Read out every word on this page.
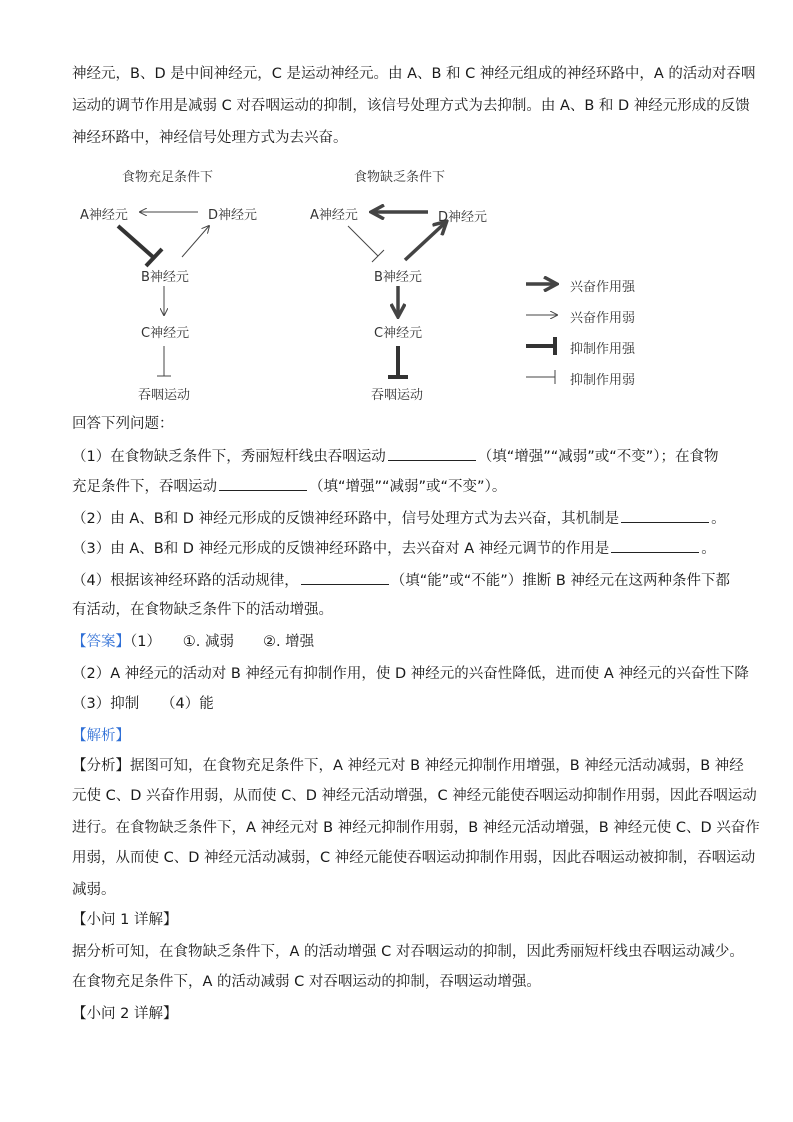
神经元，B、D 是中间神经元，C 是运动神经元。由 A、B 和 C 神经元组成的神经环路中，A 的活动对吞咽
运动的调节作用是减弱 C 对吞咽运动的抑制，该信号处理方式为去抑制。由 A、B 和 D 神经元形成的反馈
神经环路中，神经信号处理方式为去兴奋。
食物充足条件下	食物缺乏条件下
A神经元	D神经元
B神经元
C神经元
吞咽运动
A神经元	D神经元
B神经元
C神经元
吞咽运动
兴奋作用强
兴奋作用弱
抑制作用强
抑制作用弱
回答下列问题：
（1）在食物缺乏条件下，秀丽短杆线虫吞咽运动	（填“增强”“减弱”或“不变”）；在食物
充足条件下，吞咽运动	（填“增强”“减弱”或“不变”）。
（2）由 A、B和 D 神经元形成的反馈神经环路中，信号处理方式为去兴奋，其机制是	。
（3）由 A、B和 D 神经元形成的反馈神经环路中，去兴奋对 A 神经元调节的作用是	。
（4）根据该神经环路的活动规律，	（填“能”或“不能”）推断 B 神经元在这两种条件下都
有活动，在食物缺乏条件下的活动增强。
【答案】（1）　　①. 减弱　　②. 增强
（2）A 神经元的活动对 B 神经元有抑制作用，使 D 神经元的兴奋性降低，进而使 A 神经元的兴奋性下降
（3）抑制　　（4）能
【解析】
【分析】据图可知，在食物充足条件下，A 神经元对 B 神经元抑制作用增强，B 神经元活动减弱，B 神经
元使 C、D 兴奋作用弱，从而使 C、D 神经元活动增强，C 神经元能使吞咽运动抑制作用弱，因此吞咽运动
进行。在食物缺乏条件下，A 神经元对 B 神经元抑制作用弱，B 神经元活动增强，B 神经元使 C、D 兴奋作
用弱，从而使 C、D 神经元活动减弱，C 神经元能使吞咽运动抑制作用弱，因此吞咽运动被抑制，吞咽运动
减弱。
【小问 1 详解】
据分析可知，在食物缺乏条件下，A 的活动增强 C 对吞咽运动的抑制，因此秀丽短杆线虫吞咽运动减少。
在食物充足条件下，A 的活动减弱 C 对吞咽运动的抑制，吞咽运动增强。
【小问 2 详解】
